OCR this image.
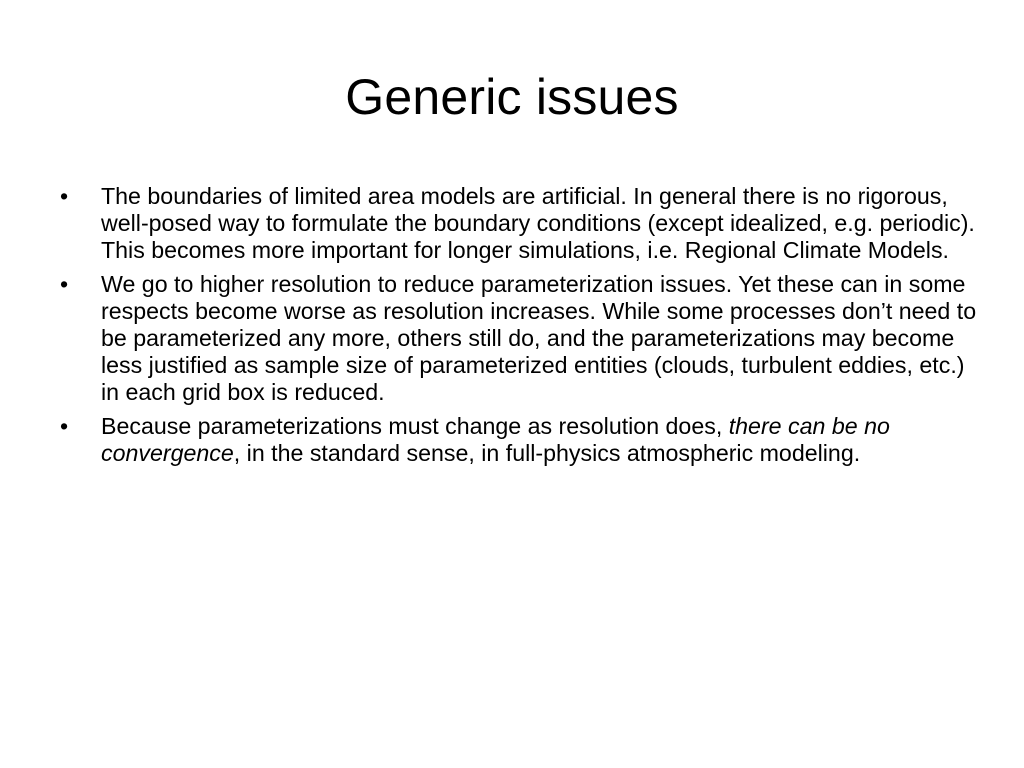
Generic issues
•	The boundaries of limited area models are artificial. In general there is no rigorous, well-posed way to formulate the boundary conditions (except idealized, e.g. periodic). This becomes more important for longer simulations, i.e. Regional Climate Models.
•	We go to higher resolution to reduce parameterization issues. Yet these can in some respects become worse as resolution increases. While some processes don’t need to be parameterized any more, others still do, and the parameterizations may become less justified as sample size of parameterized entities (clouds, turbulent eddies, etc.) in each grid box is reduced.
•	Because parameterizations must change as resolution does, there can be no convergence, in the standard sense, in full-physics atmospheric modeling.
